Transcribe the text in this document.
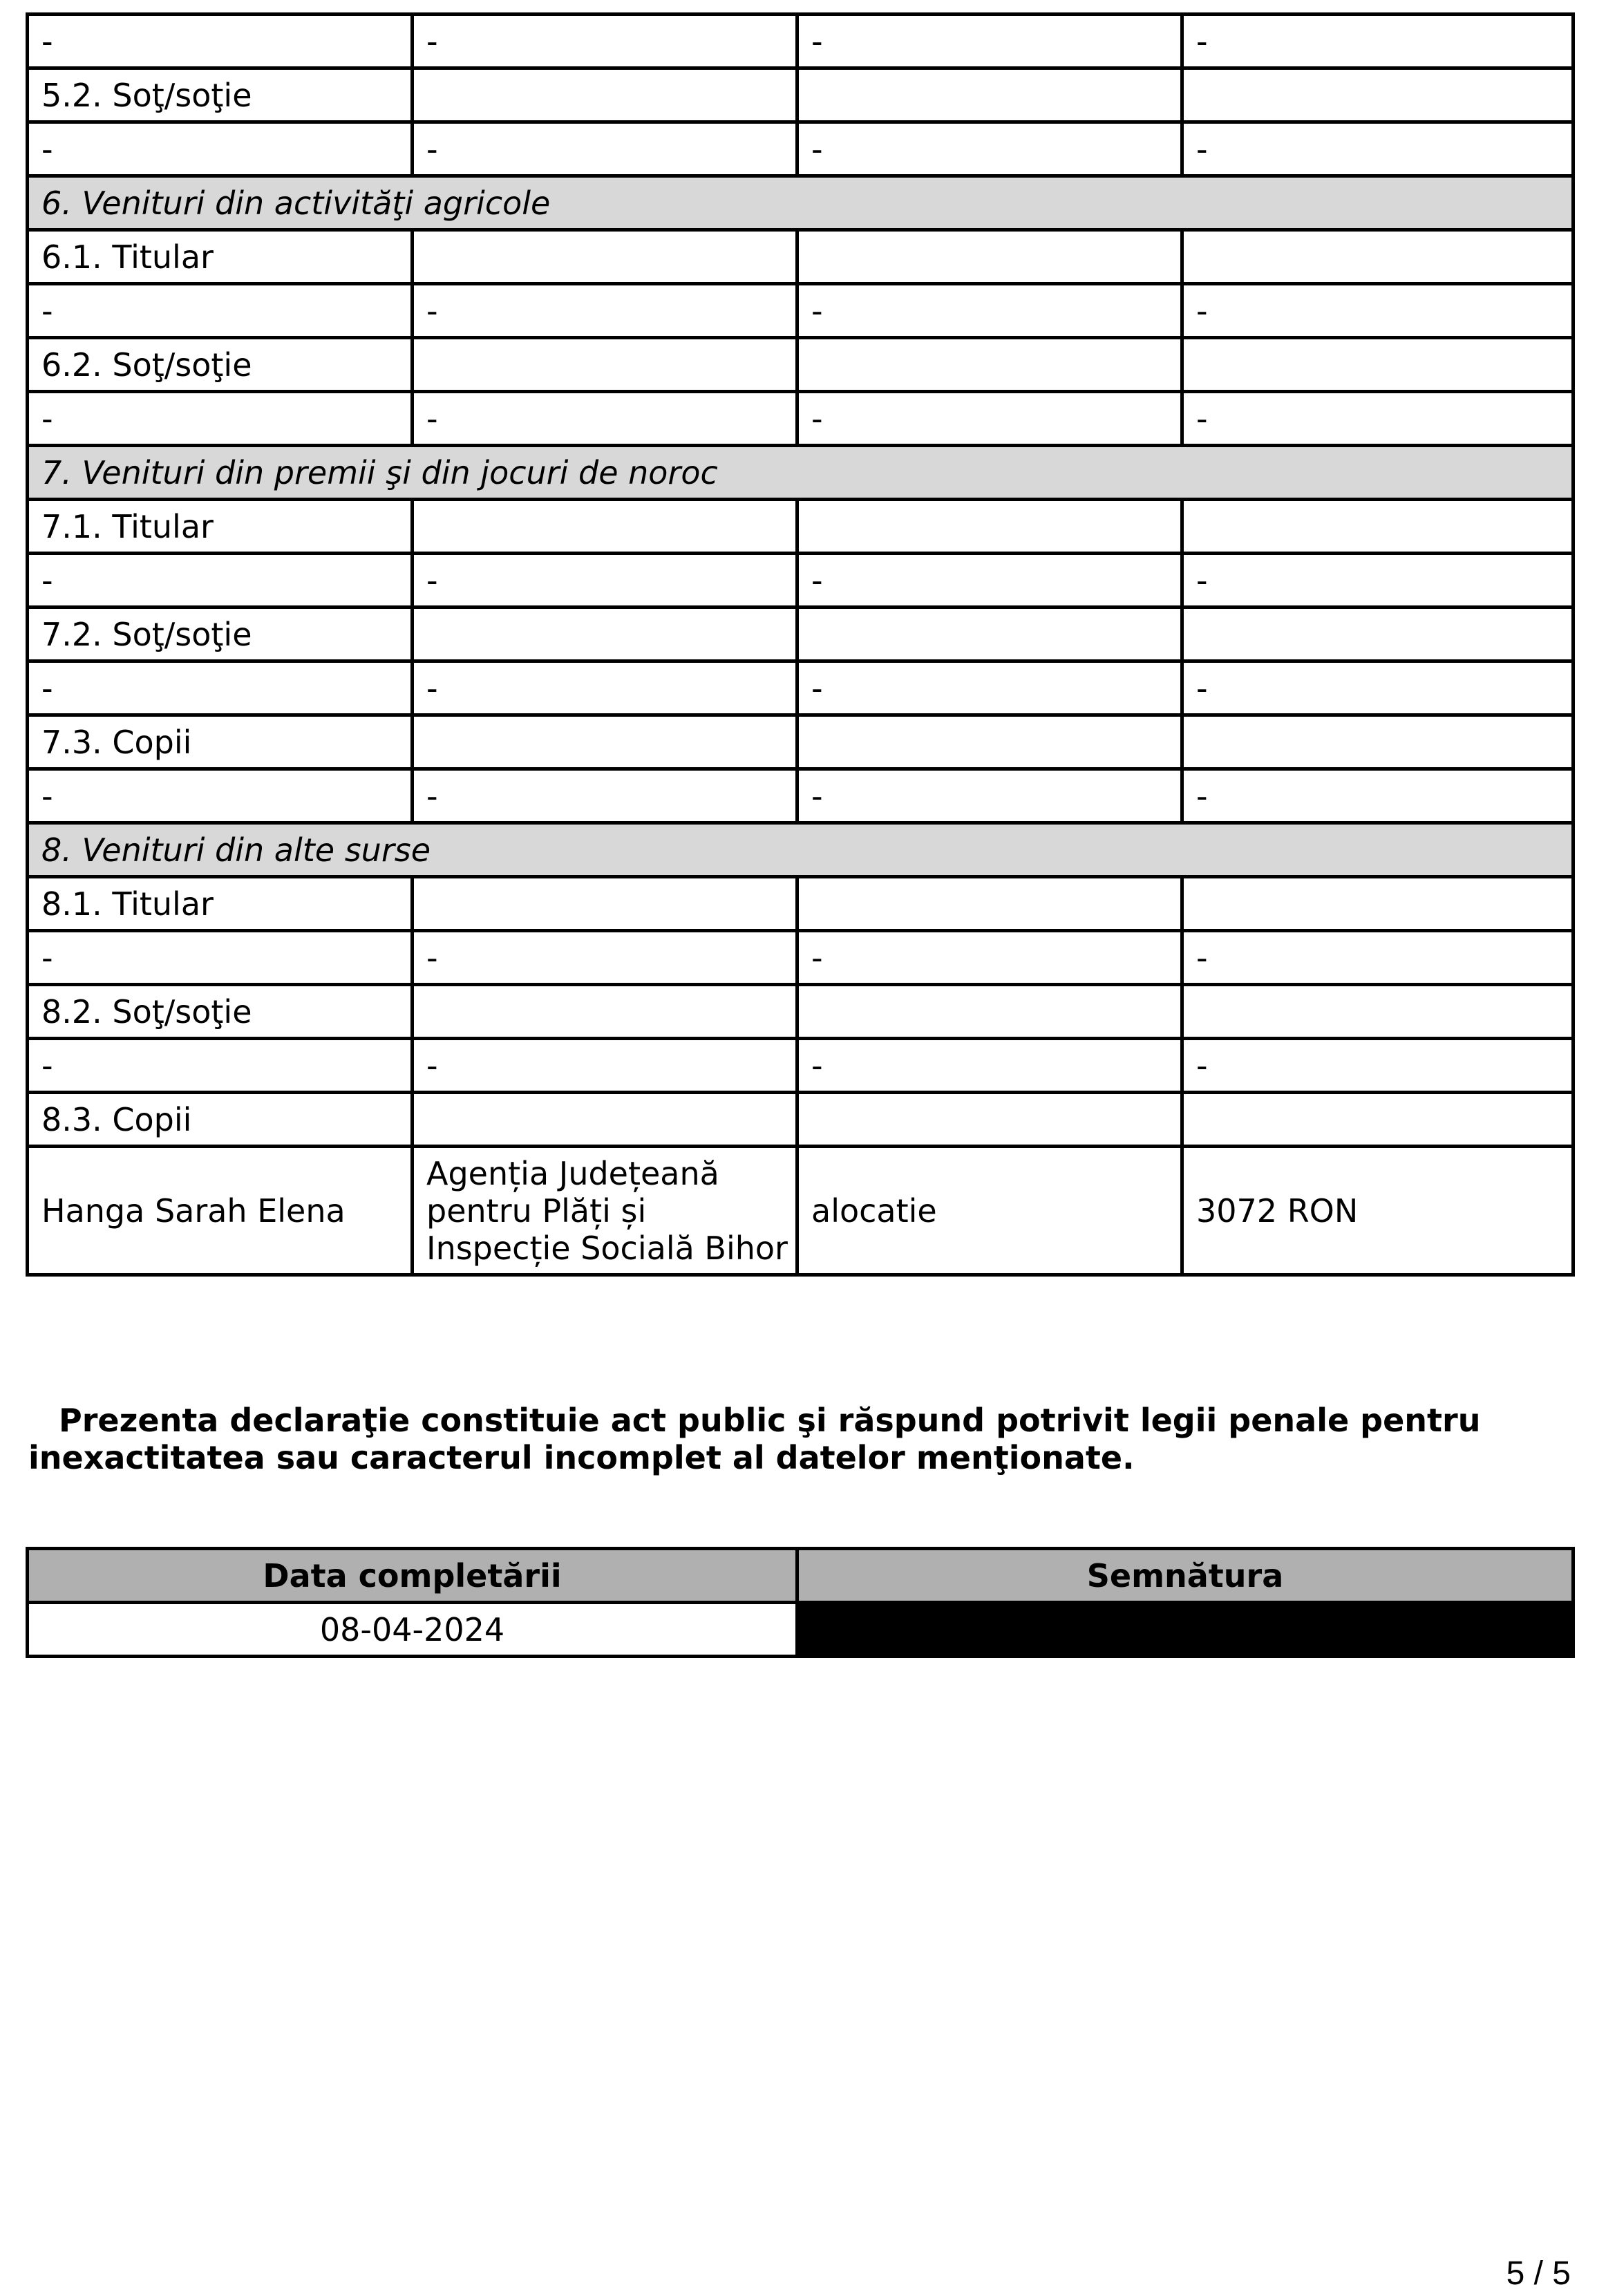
-	-	-	-
5.2. Soţ/soţie			
-	-	-	-
6. Venituri din activităţi agricole			
6.1. Titular			
-	-	-	-
6.2. Soţ/soţie			
-	-	-	-
7. Venituri din premii şi din jocuri de noroc			
7.1. Titular			
-	-	-	-
7.2. Soţ/soţie			
-	-	-	-
7.3. Copii			
-	-	-	-
8. Venituri din alte surse			
8.1. Titular			
-	-	-	-
8.2. Soţ/soţie			
-	-	-	-
8.3. Copii			
Hanga Sarah Elena	Agenția Județeană pentru Plăți și Inspecție Socială Bihor	alocatie	3072 RON
Prezenta declaraţie constituie act public şi răspund potrivit legii penale pentru inexactitatea sau caracterul incomplet al datelor menţionate.
Data completării	Semnătura
08-04-2024	
5 / 5
